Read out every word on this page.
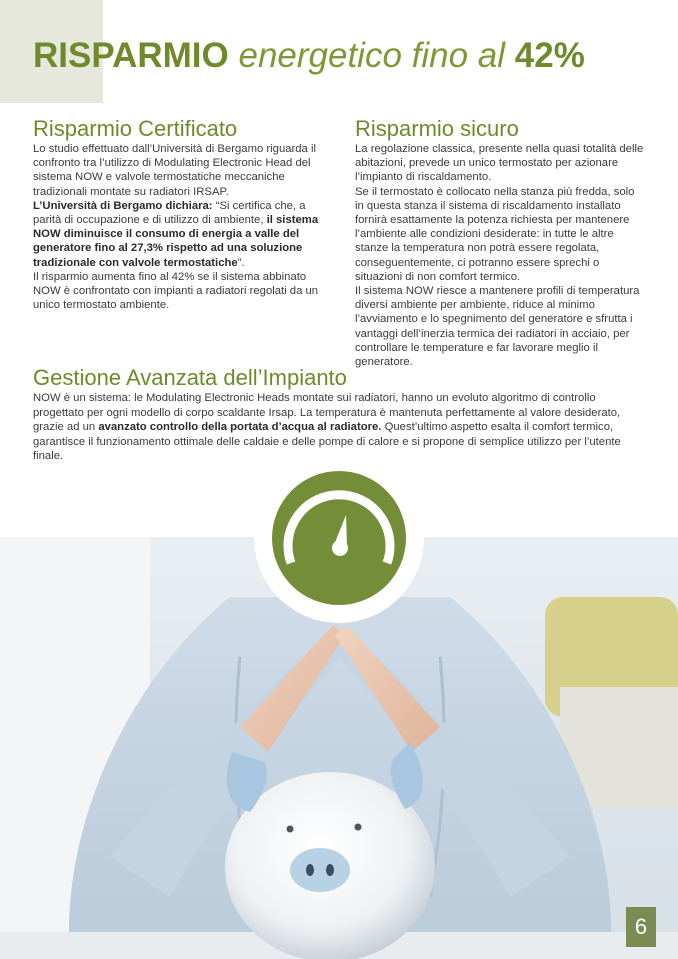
RISPARMIO energetico fino al 42%
Risparmio Certificato

Lo studio effettuato dall’Università di Bergamo riguarda il confronto tra l’utilizzo di Modulating Electronic Head del sistema NOW e valvole termostatiche meccaniche tradizionali montate su radiatori IRSAP.

L’Università di Bergamo dichiara: “Si certifica che, a parità di occupazione e di utilizzo di ambiente, il sistema NOW diminuisce il consumo di energia a valle del generatore fino al 27,3% rispetto ad una soluzione tradizionale con valvole termostatiche”.

Il risparmio aumenta fino al 42% se il sistema abbinato NOW è confrontato con impianti a radiatori regolati da un unico termostato ambiente.

Risparmio sicuro

La regolazione classica, presente nella quasi totalità delle abitazioni, prevede un unico termostato per azionare l’impianto di riscaldamento.

Se il termostato è collocato nella stanza più fredda, solo in questa stanza il sistema di riscaldamento installato fornirà esattamente la potenza richiesta per mantenere l’ambiente alle condizioni desiderate: in tutte le altre stanze la temperatura non potrà essere regolata, conseguentemente, ci potranno essere sprechi o situazioni di non comfort termico.

Il sistema NOW riesce a mantenere profili di temperatura diversi ambiente per ambiente, riduce al minimo l’avviamento e lo spegnimento del generatore e sfrutta i vantaggi dell’inerzia termica dei radiatori in acciaio, per controllare le temperature e far lavorare meglio il generatore.

Gestione Avanzata dell’Impianto

NOW è un sistema: le Modulating Electronic Heads montate sui radiatori, hanno un evoluto algoritmo di controllo progettato per ogni modello di corpo scaldante Irsap. La temperatura è mantenuta perfettamente al valore desiderato, grazie ad un avanzato controllo della portata d’acqua al radiatore. Quest’ultimo aspetto esalta il comfort termico, garantisce il funzionamento ottimale delle caldaie e delle pompe di calore e si propone di semplice utilizzo per l’utente finale.

6
